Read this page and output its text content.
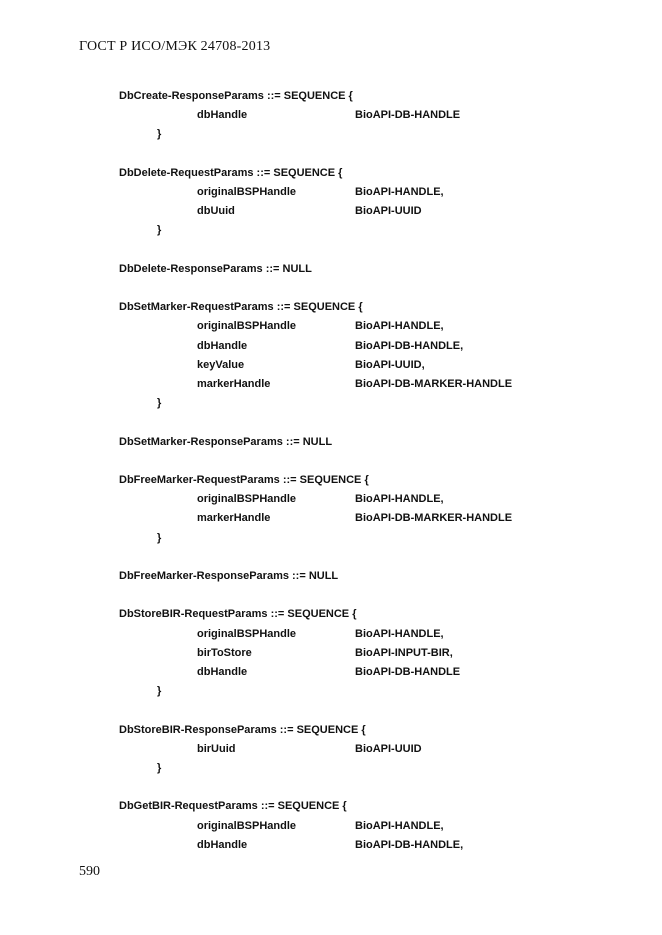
ГОСТ Р ИСО/МЭК 24708-2013
DbCreate-ResponseParams ::= SEQUENCE {
dbHandle	BioAPI-DB-HANDLE
}
DbDelete-RequestParams ::= SEQUENCE {
originalBSPHandle	BioAPI-HANDLE,
dbUuid	BioAPI-UUID
}
DbDelete-ResponseParams ::= NULL
DbSetMarker-RequestParams ::= SEQUENCE {
originalBSPHandle	BioAPI-HANDLE,
dbHandle	BioAPI-DB-HANDLE,
keyValue	BioAPI-UUID,
markerHandle	BioAPI-DB-MARKER-HANDLE
}
DbSetMarker-ResponseParams ::= NULL
DbFreeMarker-RequestParams ::= SEQUENCE {
originalBSPHandle	BioAPI-HANDLE,
markerHandle	BioAPI-DB-MARKER-HANDLE
}
DbFreeMarker-ResponseParams ::= NULL
DbStoreBIR-RequestParams ::= SEQUENCE {
originalBSPHandle	BioAPI-HANDLE,
birToStore	BioAPI-INPUT-BIR,
dbHandle	BioAPI-DB-HANDLE
}
DbStoreBIR-ResponseParams ::= SEQUENCE {
birUuid	BioAPI-UUID
}
DbGetBIR-RequestParams ::= SEQUENCE {
originalBSPHandle	BioAPI-HANDLE,
dbHandle	BioAPI-DB-HANDLE,
590
